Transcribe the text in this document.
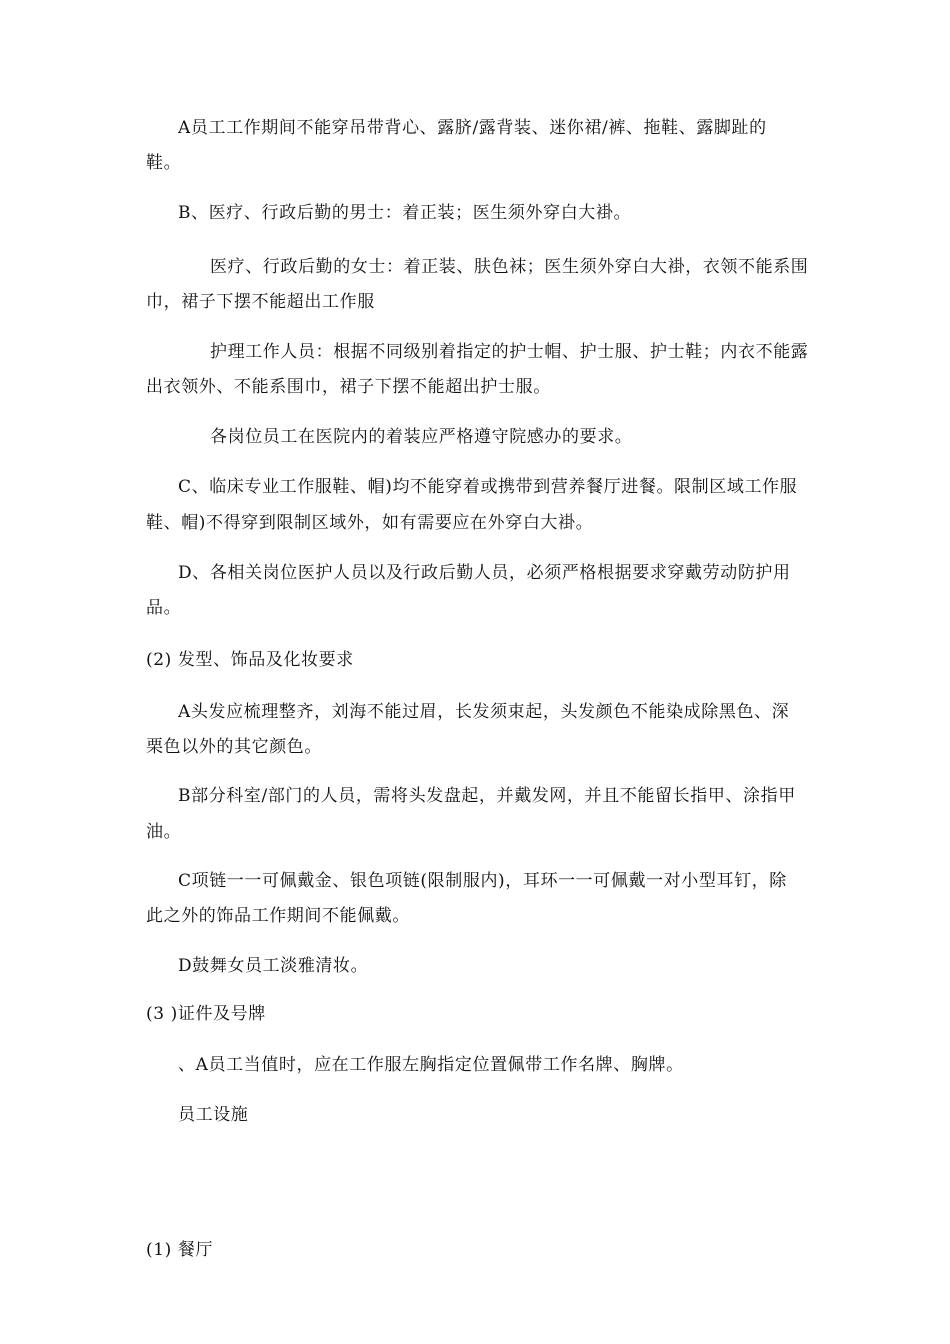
A员工工作期间不能穿吊带背心、露脐/露背装、迷你裙/裤、拖鞋、露脚趾的

鞋。

B、医疗、行政后勤的男士：着正装；医生须外穿白大褂。

医疗、行政后勤的女士：着正装、肤色袜；医生须外穿白大褂，衣领不能系围

巾，裙子下摆不能超出工作服

护理工作人员：根据不同级别着指定的护士帽、护士服、护士鞋；内衣不能露

出衣领外、不能系围巾，裙子下摆不能超出护士服。

各岗位员工在医院内的着装应严格遵守院感办的要求。

C、临床专业工作服鞋、帽)均不能穿着或携带到营养餐厅进餐。限制区域工作服

鞋、帽)不得穿到限制区域外，如有需要应在外穿白大褂。

D、各相关岗位医护人员以及行政后勤人员，必须严格根据要求穿戴劳动防护用

品。

(2) 发型、饰品及化妆要求

A头发应梳理整齐，刘海不能过眉，长发须束起，头发颜色不能染成除黑色、深

栗色以外的其它颜色。

B部分科室/部门的人员，需将头发盘起，并戴发网，并且不能留长指甲、涂指甲

油。

C项链一一可佩戴金、银色项链(限制服内)，耳环一一可佩戴一对小型耳钉，除

此之外的饰品工作期间不能佩戴。

D鼓舞女员工淡雅清妆。

(3 )证件及号牌

、A员工当值时，应在工作服左胸指定位置佩带工作名牌、胸牌。

员工设施

(1) 餐厅
